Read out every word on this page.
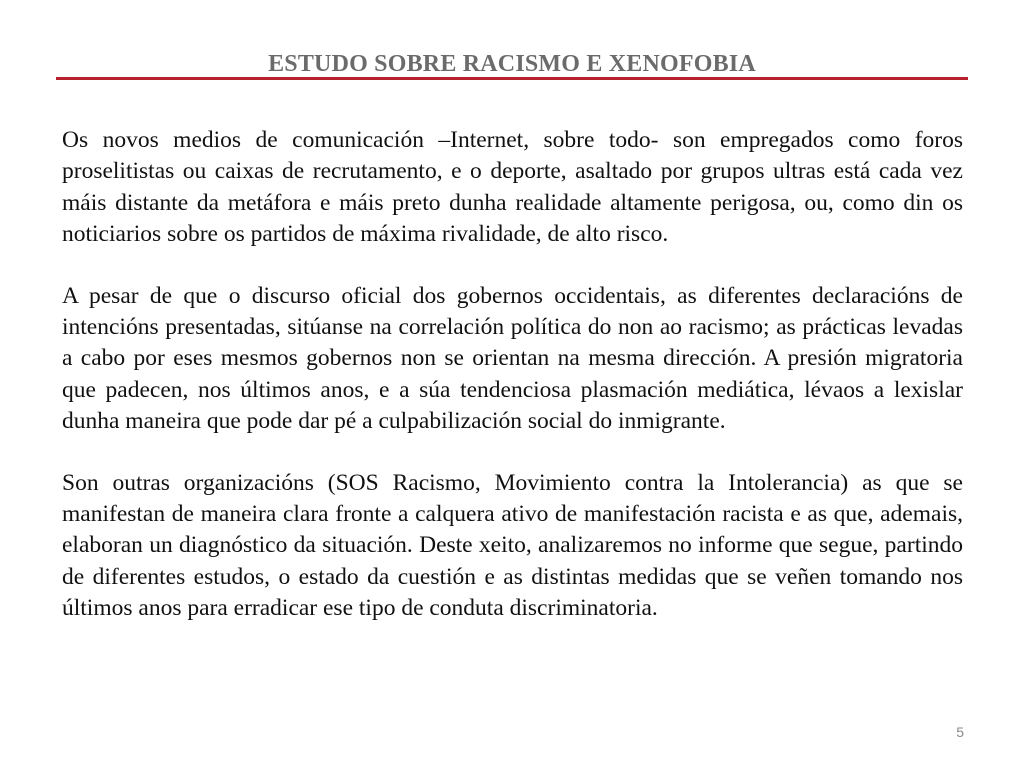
ESTUDO SOBRE RACISMO E XENOFOBIA

Os novos medios de comunicación –Internet, sobre todo- son empregados como foros proselitistas ou caixas de recrutamento, e o deporte, asaltado por grupos ultras está cada vez máis distante da metáfora e máis preto dunha realidade altamente perigosa, ou, como din os noticiarios sobre os partidos de máxima rivalidade, de alto risco.

A pesar de que o discurso oficial dos gobernos occidentais, as diferentes declaracións de intencións presentadas, sitúanse na correlación política do non ao racismo; as prácticas levadas a cabo por eses mesmos gobernos non se orientan na mesma dirección. A presión migratoria que padecen, nos últimos anos, e a súa tendenciosa plasmación mediática, lévaos a lexislar dunha maneira que pode dar pé a culpabilización social do inmigrante.

Son outras organizacións (SOS Racismo, Movimiento contra la Intolerancia) as que se manifestan de maneira clara fronte a calquera ativo de manifestación racista e as que, ademais, elaboran un diagnóstico da situación. Deste xeito, analizaremos no informe que segue, partindo de diferentes estudos, o estado da cuestión e as distintas medidas que se veñen tomando nos últimos anos para erradicar ese tipo de conduta discriminatoria.

5
